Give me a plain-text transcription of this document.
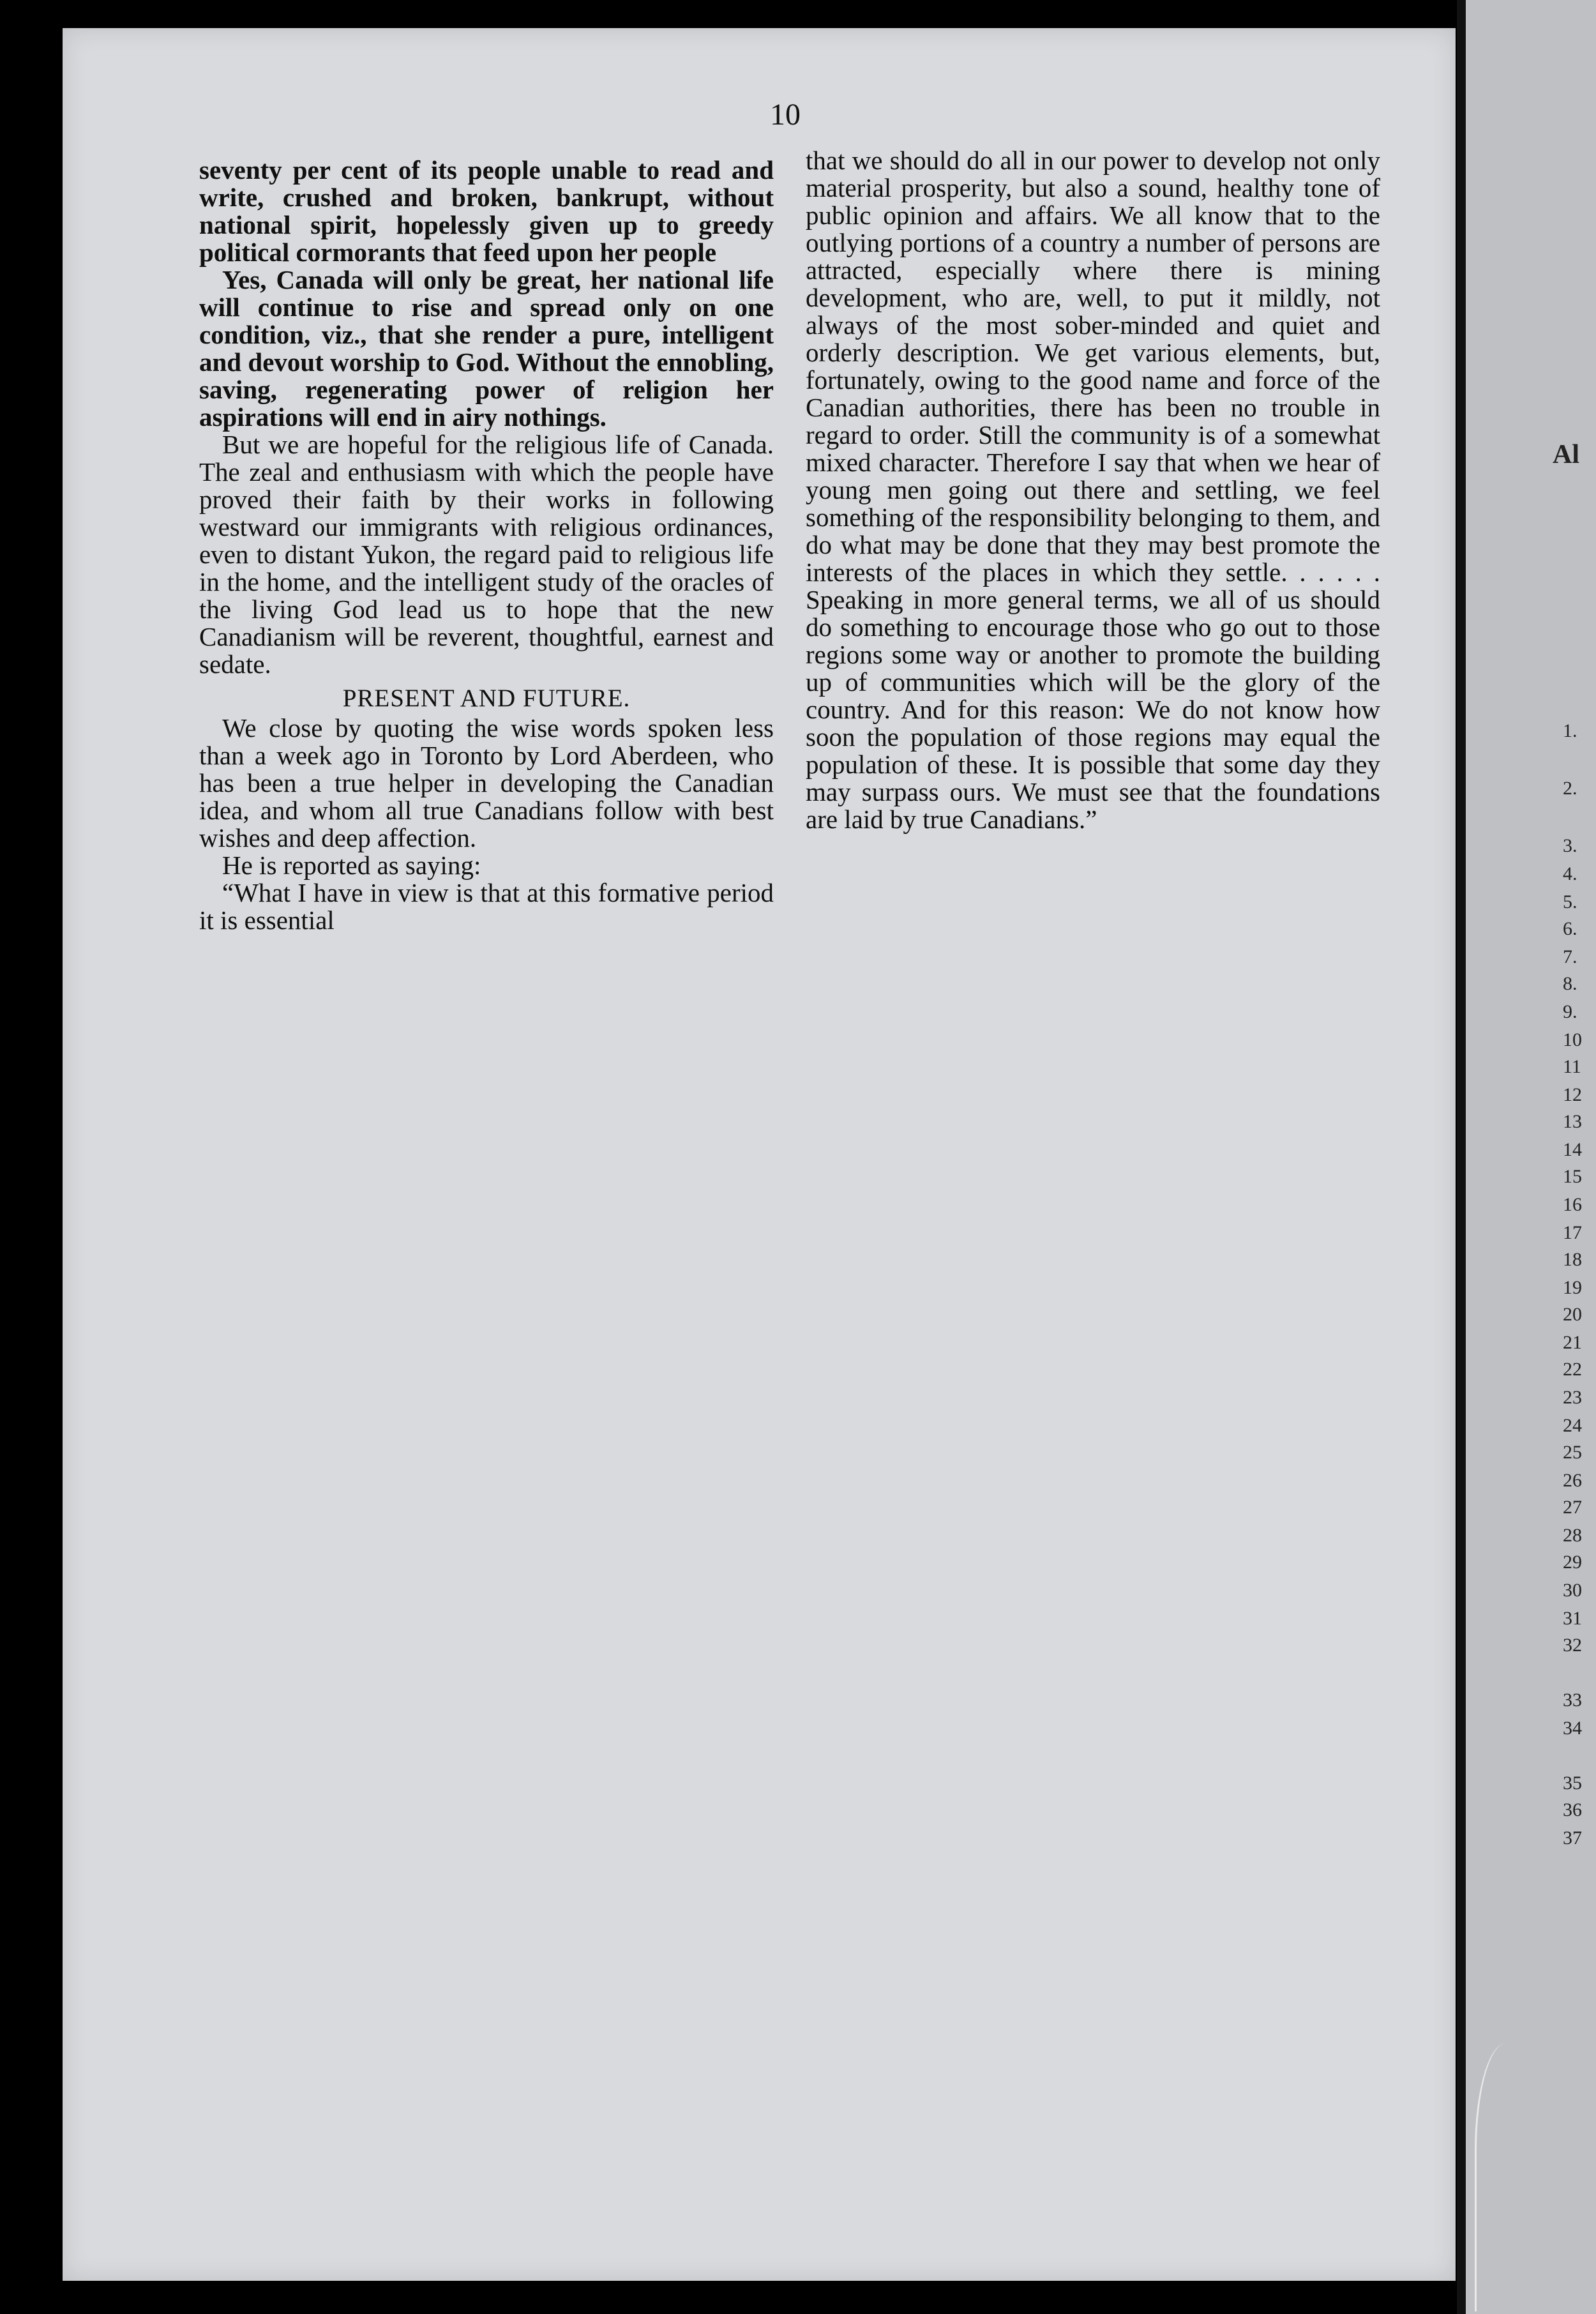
10

seventy per cent of its people unable to read and write, crushed and broken, bankrupt, without national spirit, hopelessly given up to greedy political cormorants that feed upon her people

Yes, Canada will only be great, her national life will continue to rise and spread only on one condition, viz., that she render a pure, intelligent and devout worship to God. Without the ennobling, saving, regenerating power of religion her aspirations will end in airy nothings.

But we are hopeful for the religious life of Canada. The zeal and enthusiasm with which the people have proved their faith by their works in following westward our immigrants with religious ordinances, even to distant Yukon, the regard paid to religious life in the home, and the intelligent study of the oracles of the living God lead us to hope that the new Canadianism will be reverent, thoughtful, earnest and sedate.

PRESENT AND FUTURE.

We close by quoting the wise words spoken less than a week ago in Toronto by Lord Aberdeen, who has been a true helper in developing the Canadian idea, and whom all true Canadians follow with best wishes and deep affection.

He is reported as saying:

“What I have in view is that at this formative period it is essential

that we should do all in our power to develop not only material prosperity, but also a sound, healthy tone of public opinion and affairs. We all know that to the outlying portions of a country a number of persons are attracted, especially where there is mining development, who are, well, to put it mildly, not always of the most sober-minded and quiet and orderly description. We get various elements, but, fortunately, owing to the good name and force of the Canadian authorities, there has been no trouble in regard to order. Still the community is of a somewhat mixed character. Therefore I say that when we hear of young men going out there and settling, we feel something of the responsibility belonging to them, and do what may be done that they may best promote the interests of the places in which they settle. . . . . . Speaking in more general terms, we all of us should do something to encourage those who go out to those regions some way or another to promote the building up of communities which will be the glory of the country. And for this reason: We do not know how soon the population of those regions may equal the population of these. It is possible that some day they may surpass ours. We must see that the foundations are laid by true Canadians.”

Al
1.
2.
3.
4.
5.
6.
7.
8.
9.
10
11
12
13
14
15
16
17
18
19
20
21
22
23
24
25
26
27
28
29
30
31
32
33
34
35
36
37
